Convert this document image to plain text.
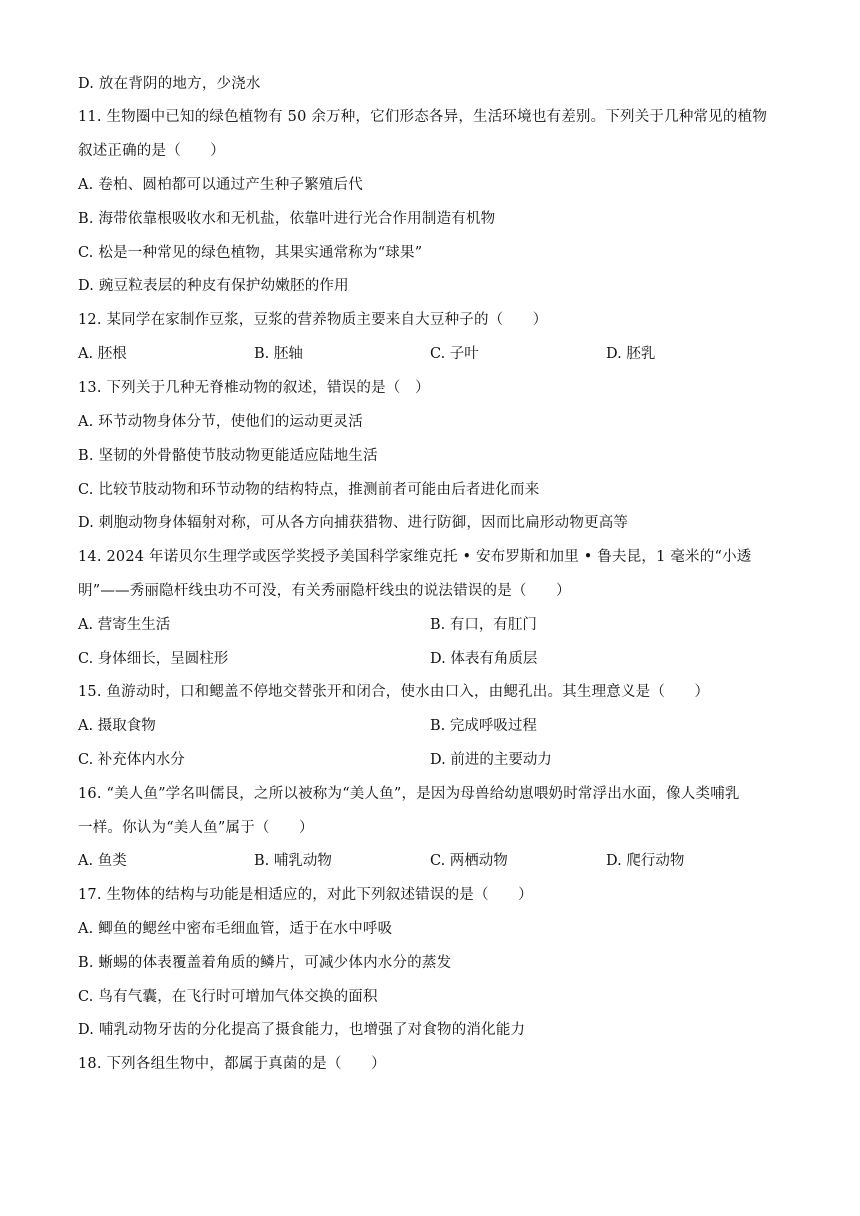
D. 放在背阴的地方，少浇水
11. 生物圈中已知的绿色植物有 50 余万种，它们形态各异，生活环境也有差别。下列关于几种常见的植物
叙述正确的是（　　）
A. 卷柏、圆柏都可以通过产生种子繁殖后代
B. 海带依靠根吸收水和无机盐，依靠叶进行光合作用制造有机物
C. 松是一种常见的绿色植物，其果实通常称为“球果”
D. 豌豆粒表层的种皮有保护幼嫩胚的作用
12. 某同学在家制作豆浆，豆浆的营养物质主要来自大豆种子的（　　）
A. 胚根	B. 胚轴	C. 子叶	D. 胚乳
13. 下列关于几种无脊椎动物的叙述，错误的是（　）
A. 环节动物身体分节，使他们的运动更灵活
B. 坚韧的外骨骼使节肢动物更能适应陆地生活
C. 比较节肢动物和环节动物的结构特点，推测前者可能由后者进化而来
D. 刺胞动物身体辐射对称，可从各方向捕获猎物、进行防御，因而比扁形动物更高等
14. 2024 年诺贝尔生理学或医学奖授予美国科学家维克托 • 安布罗斯和加里 • 鲁夫昆，1 毫米的“小透
明”——秀丽隐杆线虫功不可没，有关秀丽隐杆线虫的说法错误的是（　　）
A. 营寄生生活	B. 有口，有肛门
C. 身体细长，呈圆柱形	D. 体表有角质层
15. 鱼游动时，口和鳃盖不停地交替张开和闭合，使水由口入，由鳃孔出。其生理意义是（　　）
A. 摄取食物	B. 完成呼吸过程
C. 补充体内水分	D. 前进的主要动力
16. “美人鱼”学名叫儒艮，之所以被称为“美人鱼”，是因为母兽给幼崽喂奶时常浮出水面，像人类哺乳
一样。你认为“美人鱼”属于（　　）
A. 鱼类	B. 哺乳动物	C. 两栖动物	D. 爬行动物
17. 生物体的结构与功能是相适应的，对此下列叙述错误的是（　　）
A. 鲫鱼的鳃丝中密布毛细血管，适于在水中呼吸
B. 蜥蜴的体表覆盖着角质的鳞片，可减少体内水分的蒸发
C. 鸟有气囊，在飞行时可增加气体交换的面积
D. 哺乳动物牙齿的分化提高了摄食能力，也增强了对食物的消化能力
18. 下列各组生物中，都属于真菌的是（　　）
